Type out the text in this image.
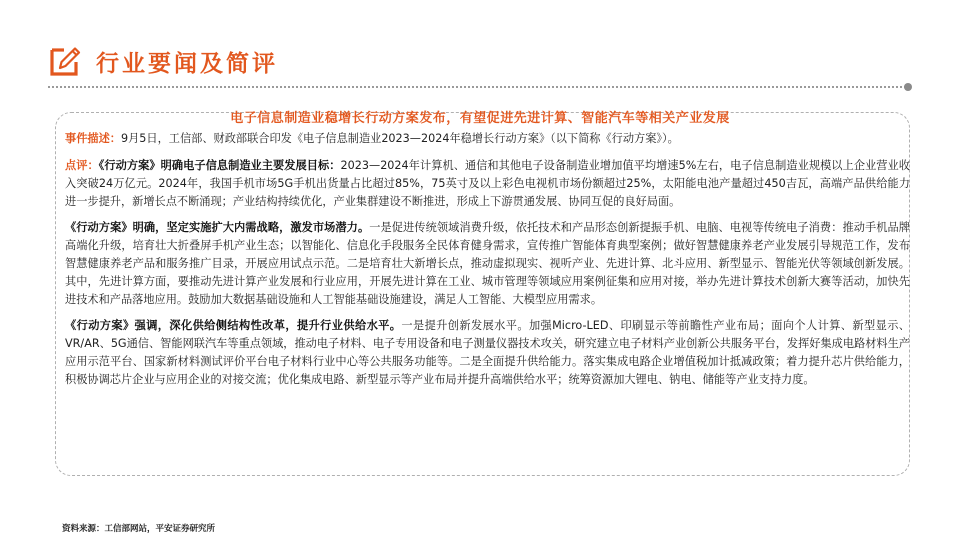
行业要闻及简评
电子信息制造业稳增长行动方案发布，有望促进先进计算、智能汽车等相关产业发展

事件描述：9月5日，工信部、财政部联合印发《电子信息制造业2023—2024年稳增长行动方案》（以下简称《行动方案》）。

点评：《行动方案》明确电子信息制造业主要发展目标：2023—2024年计算机、通信和其他电子设备制造业增加值平均增速5%左右，电子信息制造业规模以上企业营业收入突破24万亿元。2024年，我国手机市场5G手机出货量占比超过85%，75英寸及以上彩色电视机市场份额超过25%，太阳能电池产量超过450吉瓦，高端产品供给能力进一步提升，新增长点不断涌现；产业结构持续优化，产业集群建设不断推进，形成上下游贯通发展、协同互促的良好局面。

《行动方案》明确，坚定实施扩大内需战略，激发市场潜力。一是促进传统领域消费升级，依托技术和产品形态创新提振手机、电脑、电视等传统电子消费：推动手机品牌高端化升级，培育壮大折叠屏手机产业生态；以智能化、信息化手段服务全民体育健身需求，宣传推广智能体育典型案例；做好智慧健康养老产业发展引导规范工作，发布智慧健康养老产品和服务推广目录，开展应用试点示范。二是培育壮大新增长点，推动虚拟现实、视听产业、先进计算、北斗应用、新型显示、智能光伏等领域创新发展。其中，先进计算方面，要推动先进计算产业发展和行业应用，开展先进计算在工业、城市管理等领域应用案例征集和应用对接，举办先进计算技术创新大赛等活动，加快先进技术和产品落地应用。鼓励加大数据基础设施和人工智能基础设施建设，满足人工智能、大模型应用需求。

《行动方案》强调，深化供给侧结构性改革，提升行业供给水平。一是提升创新发展水平。加强Micro-LED、印刷显示等前瞻性产业布局；面向个人计算、新型显示、VR/AR、5G通信、智能网联汽车等重点领域，推动电子材料、电子专用设备和电子测量仪器技术攻关，研究建立电子材料产业创新公共服务平台，发挥好集成电路材料生产应用示范平台、国家新材料测试评价平台电子材料行业中心等公共服务功能等。二是全面提升供给能力。落实集成电路企业增值税加计抵减政策；着力提升芯片供给能力，积极协调芯片企业与应用企业的对接交流；优化集成电路、新型显示等产业布局并提升高端供给水平；统筹资源加大锂电、钠电、储能等产业支持力度。

资料来源：工信部网站，平安证券研究所
